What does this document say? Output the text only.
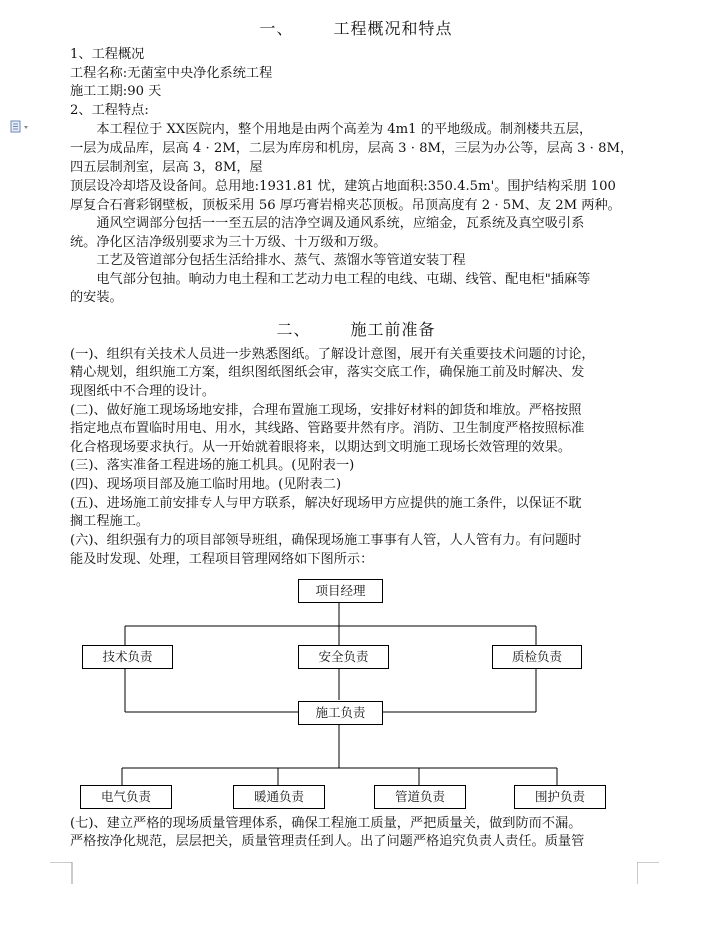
一、	工程概况和特点
1、工程概况
工程名称:无菌室中央净化系统工程
施工工期:90 天
2、工程特点:
　　本工程位于 XX医院内，整个用地是由两个高差为 4m1 的平地级成。制剂楼共五层，
一层为成品库，层高 4 · 2M，二层为库房和机房，层高 3 · 8M，三层为办公等，层高 3 · 8M，
四五层制剂室，层高 3，8M，屋
顶层设冷却塔及设备间。总用地:1931.81 忧，建筑占地面积:350.4.5m'。围护结构采朋 100
厚复合石膏彩钢壁板，顶板采用 56 厚巧膏岩棉夹芯顶板。吊顶高度有 2 · 5M、友 2M 两种。
　　通风空调部分包括一一至五层的洁净空调及通风系统，应缩金，瓦系统及真空吸引系
统。净化区洁净级别要求为三十万级、十万级和万级。
　　工艺及管道部分包括生活给排水、蒸气、蒸馏水等管道安装丁程
　　电气部分包抽。晌动力电土程和工艺动力电工程的电线、屯瑚、线管、配电柜"插麻等
的安装。
二、	施工前准备
(一)、组织有关技术人员进一步熟悉图纸。了解设计意图，展开有关重要技术问题的讨论，
精心规划，组织施工方案，组织图纸图纸会审，落实交底工作，确保施工前及时解决、发
现图纸中不合理的设计。
(二)、做好施工现场场地安排，合理布置施工现场，安排好材料的卸货和堆放。严格按照
指定地点布置临时用电、用水，其线路、管路要井然有序。消防、卫生制度严格按照标准
化合格现场要求执行。从一开始就着眼将来，以期达到文明施工现场长效管理的效果。
(三)、落实准备工程进场的施工机具。(见附表一)
(四)、现场项目部及施工临时用地。(见附表二)
(五)、进场施工前安排专人与甲方联系，解决好现场甲方应提供的施工条件，以保证不耽
搁工程施工。
(六)、组织强有力的项目部领导班组，确保现场施工事事有人管，人人管有力。有问题时
能及时发现、处理，工程项目管理网络如下图所示：
项目经理
技术负责	安全负责	质检负责
施工负责
电气负责	暖通负责	管道负责	围护负责
(七)、建立严格的现场质量管理体系，确保工程施工质量，严把质量关，做到防而不漏。
严格按净化规范，层层把关，质量管理责任到人。出了问题严格追究负责人责任。质量管
